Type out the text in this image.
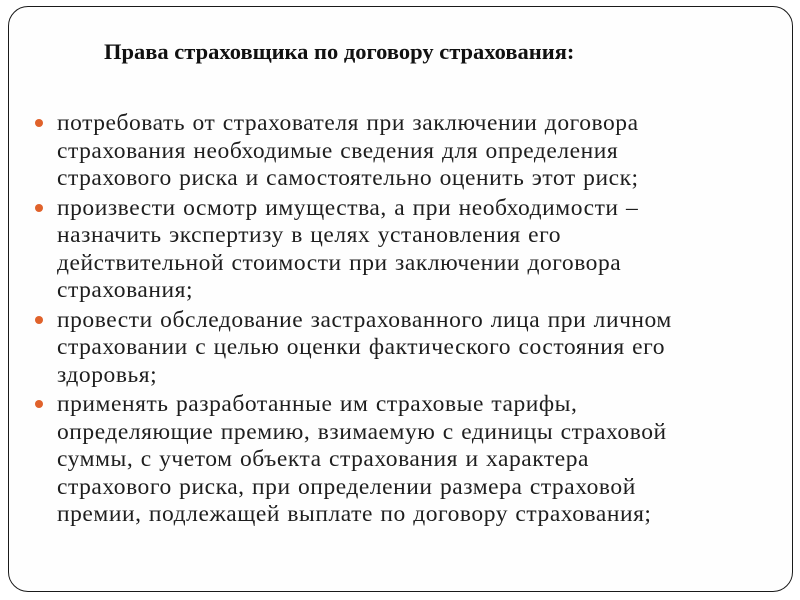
Права страховщика по договору страхования:
потребовать от страхователя при заключении договора
страхования необходимые сведения для определения
страхового риска и самостоятельно оценить этот риск;
произвести осмотр имущества, а при необходимости –
назначить экспертизу в целях установления его
действительной стоимости при заключении договора
страхования;
провести обследование застрахованного лица при личном
страховании с целью оценки фактического состояния его
здоровья;
применять разработанные им страховые тарифы,
определяющие премию, взимаемую с единицы страховой
суммы, с учетом объекта страхования и характера
страхового риска, при определении размера страховой
премии, подлежащей выплате по договору страхования;
